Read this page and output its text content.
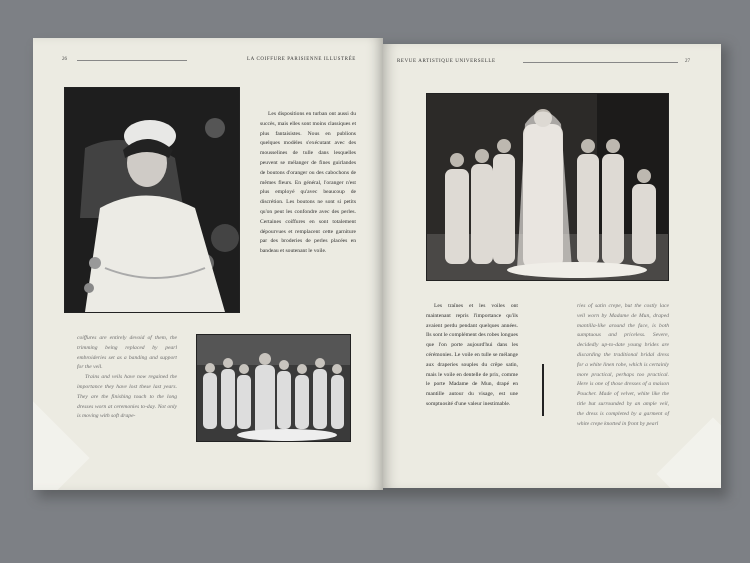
26	LA COIFFURE PARISIENNE ILLUSTRÉE

Les dispositions en turban ont aussi du succès, mais elles sont moins classiques et plus fantaisistes. Nous en publions quelques modèles s'exécutant avec des mousselines de tulle dans lesquelles peuvent se mélanger de fines guirlandes de boutons d'oranger ou des cabochons de mêmes fleurs. En général, l'oranger n'est plus employé qu'avec beaucoup de discrétion. Les boutons ne sont si petits qu'on peut les confondre avec des perles. Certaines coiffures en sont totalement dépourvues et remplacent cette garniture par des broderies de perles placées en bandeau et soutenant le voile.

coiffures are entirely devoid of them, the trimming being replaced by pearl embroideries set as a banding and support for the veil.

Trains and veils have now regained the importance they have lost these last years. They are the finishing touch to the long dresses worn at ceremonies to-day. Not only is moving with soft drape-

REVUE ARTISTIQUE UNIVERSELLE	27

Les traînes et les voiles ont maintenant repris l'importance qu'ils avaient perdu pendant quelques années. Ils sont le complément des robes longues que l'on porte aujourd'hui dans les cérémonies. Le voile en tulle se mélange aux draperies souples du crêpe satin, mais le voile en dentelle de prix, comme le porte Madame de Mun, drapé en mantille autour du visage, est une somptuosité d'une valeur inestimable.

ries of satin crepe, but the costly lace veil worn by Madame de Mun, draped mantilla-like around the face, is both sumptuous and priceless. Severe, decidedly up-to-date young brides are discarding the traditional bridal dress for a white linen robe, which is certainly more practical, perhaps too practical. Here is one of those dresses of a maison Poucher. Made of velvet, white like the title but surrounded by an ample veil, the dress is completed by a garment of white crepe knotted in front by pearl
